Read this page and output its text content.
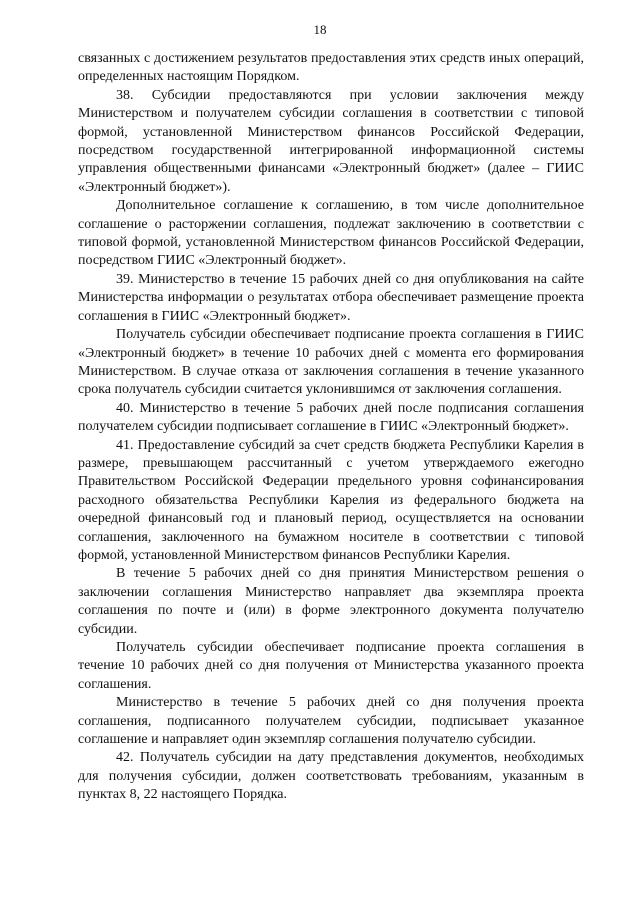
18

связанных с достижением результатов предоставления этих средств иных операций, определенных настоящим Порядком.

38. Субсидии предоставляются при условии заключения между Министерством и получателем субсидии соглашения в соответствии с типовой формой, установленной Министерством финансов Российской Федерации, посредством государственной интегрированной информационной системы управления общественными финансами «Электронный бюджет» (далее – ГИИС «Электронный бюджет»).

Дополнительное соглашение к соглашению, в том числе дополнительное соглашение о расторжении соглашения, подлежат заключению в соответствии с типовой формой, установленной Министерством финансов Российской Федерации, посредством ГИИС «Электронный бюджет».

39. Министерство в течение 15 рабочих дней со дня опубликования на сайте Министерства информации о результатах отбора обеспечивает размещение проекта соглашения в ГИИС «Электронный бюджет».

Получатель субсидии обеспечивает подписание проекта соглашения в ГИИС «Электронный бюджет» в течение 10 рабочих дней с момента его формирования Министерством. В случае отказа от заключения соглашения в течение указанного срока получатель субсидии считается уклонившимся от заключения соглашения.

40. Министерство в течение 5 рабочих дней после подписания соглашения получателем субсидии подписывает соглашение в ГИИС «Электронный бюджет».

41. Предоставление субсидий за счет средств бюджета Республики Карелия в размере, превышающем рассчитанный с учетом утверждаемого ежегодно Правительством Российской Федерации предельного уровня софинансирования расходного обязательства Республики Карелия из федерального бюджета на очередной финансовый год и плановый период, осуществляется на основании соглашения, заключенного на бумажном носителе в соответствии с типовой формой, установленной Министерством финансов Республики Карелия.

В течение 5 рабочих дней со дня принятия Министерством решения о заключении соглашения Министерство направляет два экземпляра проекта соглашения по почте и (или) в форме электронного документа получателю субсидии.

Получатель субсидии обеспечивает подписание проекта соглашения в течение 10 рабочих дней со дня получения от Министерства указанного проекта соглашения.

Министерство в течение 5 рабочих дней со дня получения проекта соглашения, подписанного получателем субсидии, подписывает указанное соглашение и направляет один экземпляр соглашения получателю субсидии.

42. Получатель субсидии на дату представления документов, необходимых для получения субсидии, должен соответствовать требованиям, указанным в пунктах 8, 22 настоящего Порядка.
